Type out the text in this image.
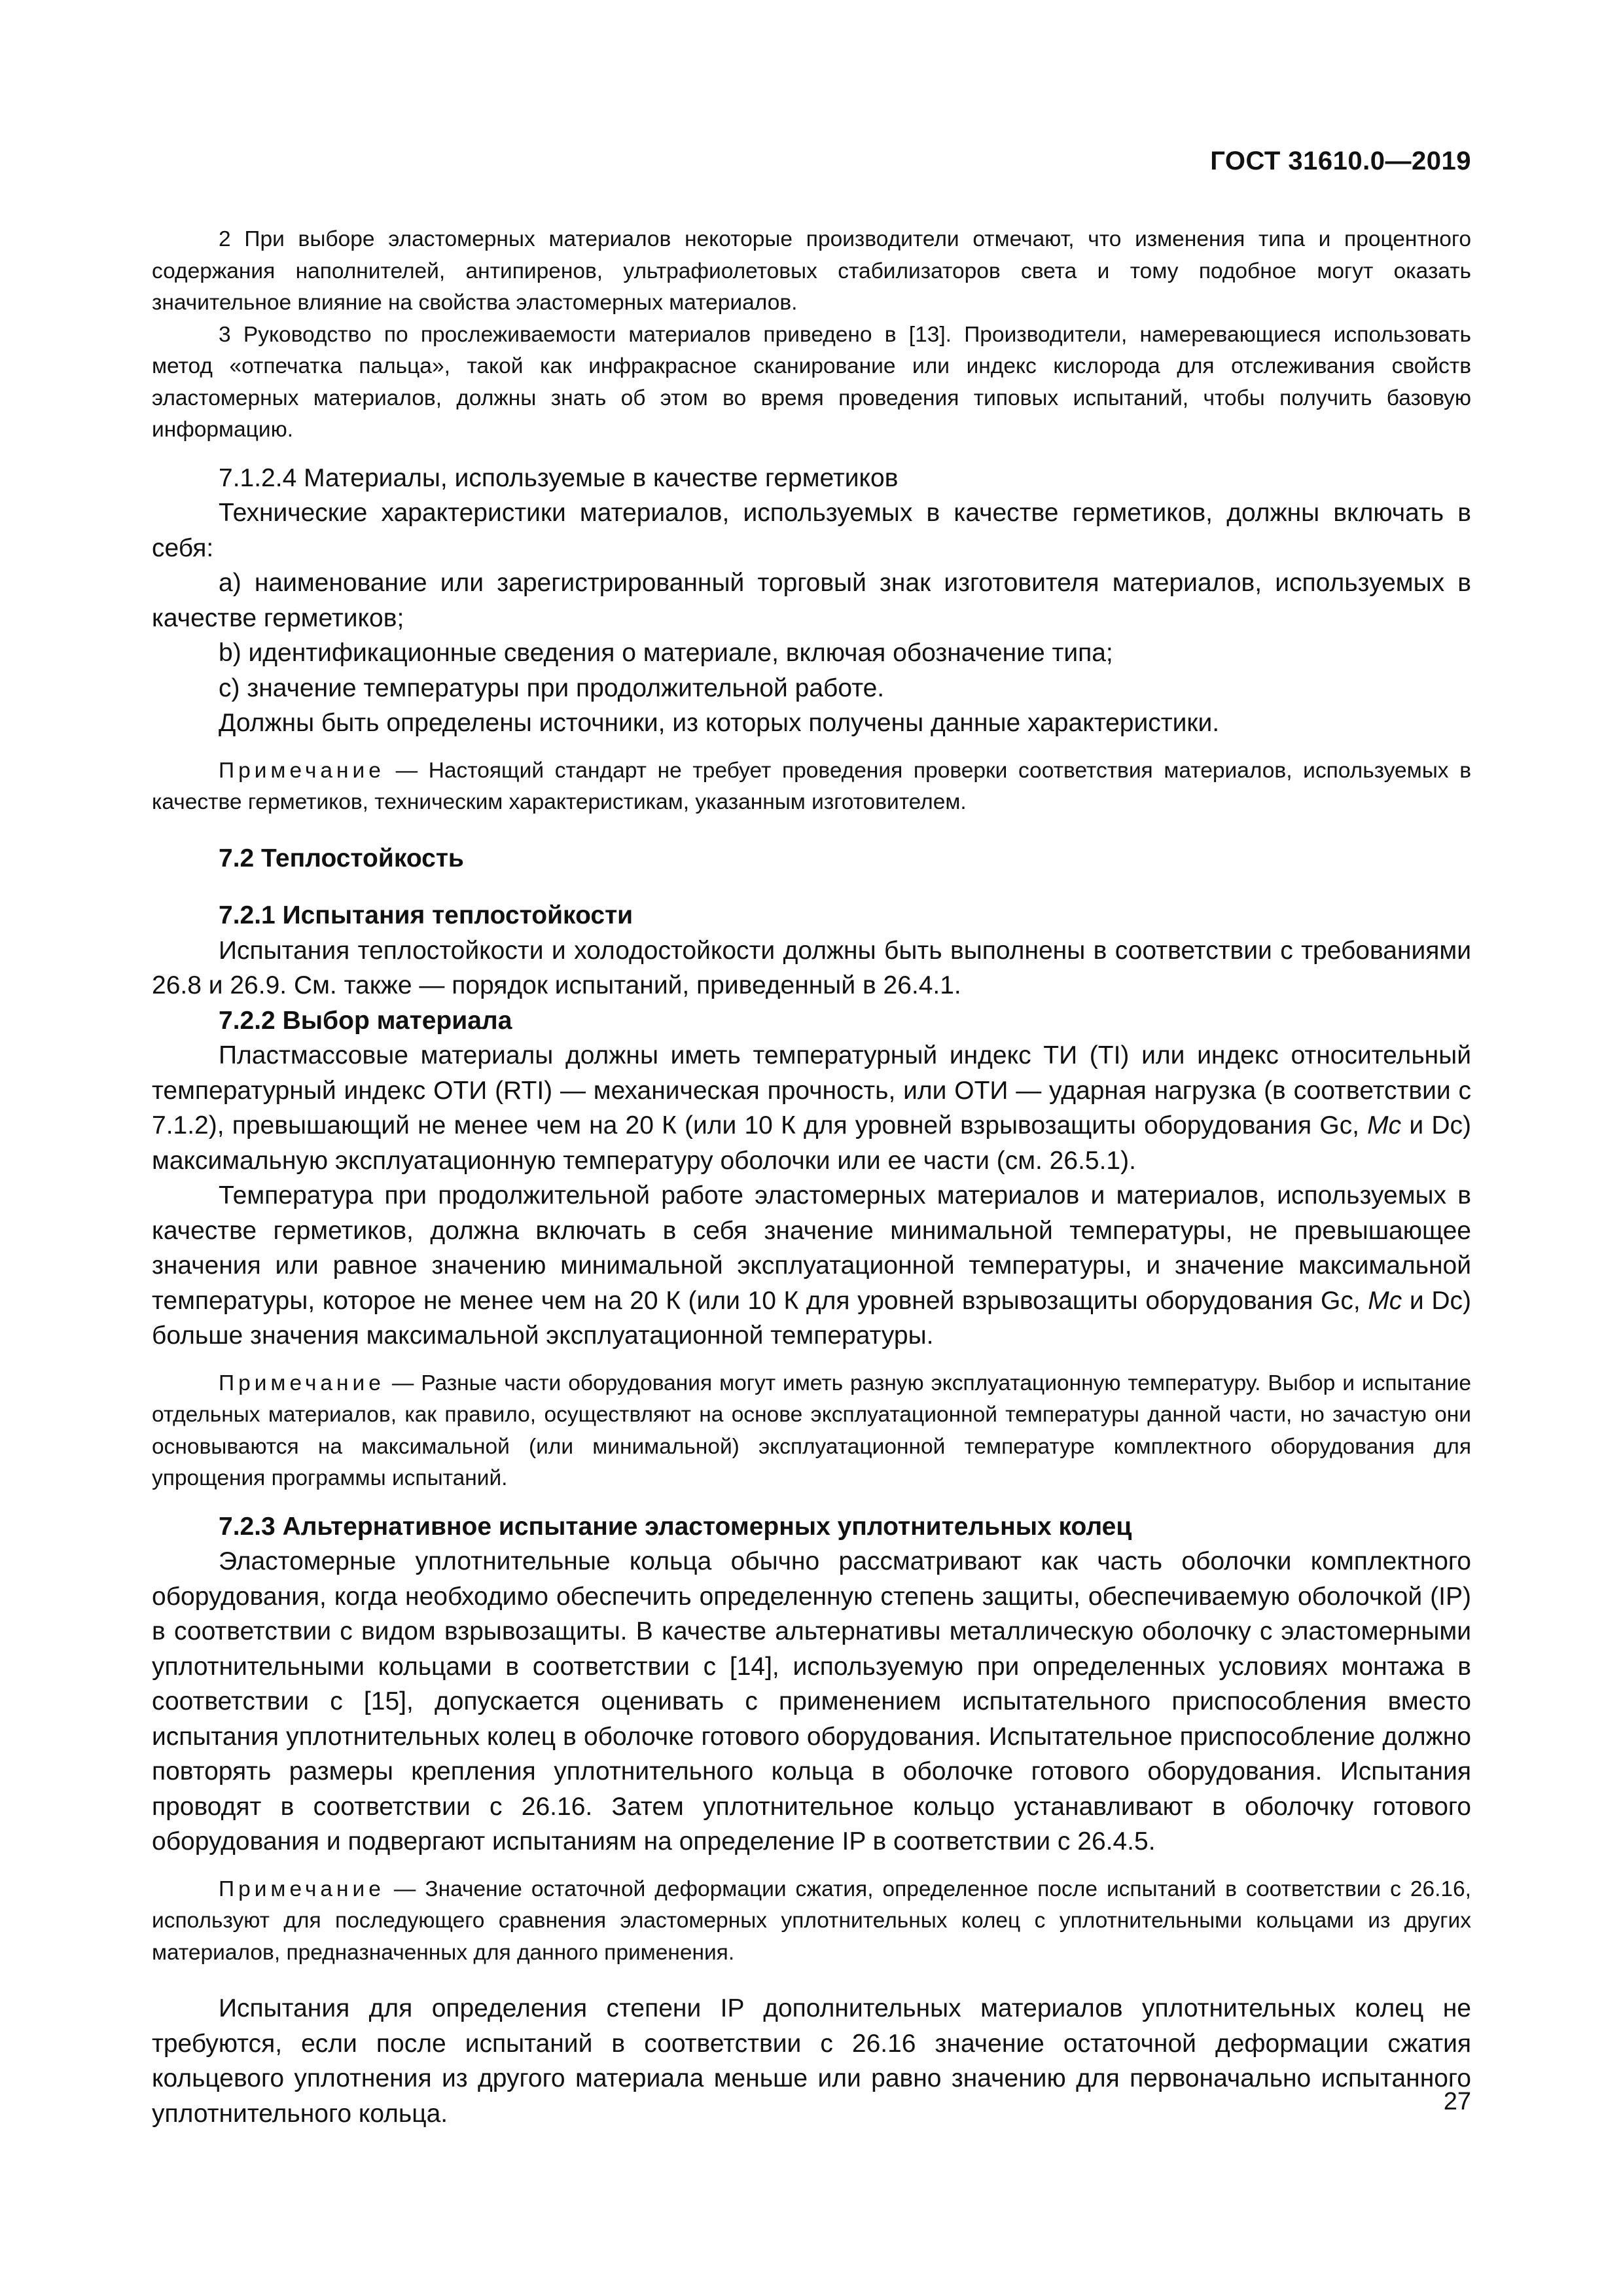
ГОСТ 31610.0—2019

2 При выборе эластомерных материалов некоторые производители отмечают, что изменения типа и процентного содержания наполнителей, антипиренов, ультрафиолетовых стабилизаторов света и тому подобное могут оказать значительное влияние на свойства эластомерных материалов.

3 Руководство по прослеживаемости материалов приведено в [13]. Производители, намеревающиеся использовать метод «отпечатка пальца», такой как инфракрасное сканирование или индекс кислорода для отслеживания свойств эластомерных материалов, должны знать об этом во время проведения типовых испытаний, чтобы получить базовую информацию.

7.1.2.4 Материалы, используемые в качестве герметиков

Технические характеристики материалов, используемых в качестве герметиков, должны включать в себя:

a) наименование или зарегистрированный торговый знак изготовителя материалов, используемых в качестве герметиков;

b) идентификационные сведения о материале, включая обозначение типа;

c) значение температуры при продолжительной работе.

Должны быть определены источники, из которых получены данные характеристики.

Примечание — Настоящий стандарт не требует проведения проверки соответствия материалов, используемых в качестве герметиков, техническим характеристикам, указанным изготовителем.

7.2 Теплостойкость

7.2.1 Испытания теплостойкости

Испытания теплостойкости и холодостойкости должны быть выполнены в соответствии с требованиями 26.8 и 26.9. См. также — порядок испытаний, приведенный в 26.4.1.

7.2.2 Выбор материала

Пластмассовые материалы должны иметь температурный индекс ТИ (TI) или индекс относительный температурный индекс ОТИ (RTI) — механическая прочность, или ОТИ — ударная нагрузка (в соответствии с 7.1.2), превышающий не менее чем на 20 К (или 10 К для уровней взрывозащиты оборудования Gc, Mc и Dc) максимальную эксплуатационную температуру оболочки или ее части (см. 26.5.1).

Температура при продолжительной работе эластомерных материалов и материалов, используемых в качестве герметиков, должна включать в себя значение минимальной температуры, не превышающее значения или равное значению минимальной эксплуатационной температуры, и значение максимальной температуры, которое не менее чем на 20 К (или 10 К для уровней взрывозащиты оборудования Gc, Mc и Dc) больше значения максимальной эксплуатационной температуры.

Примечание — Разные части оборудования могут иметь разную эксплуатационную температуру. Выбор и испытание отдельных материалов, как правило, осуществляют на основе эксплуатационной температуры данной части, но зачастую они основываются на максимальной (или минимальной) эксплуатационной температуре комплектного оборудования для упрощения программы испытаний.

7.2.3 Альтернативное испытание эластомерных уплотнительных колец

Эластомерные уплотнительные кольца обычно рассматривают как часть оболочки комплектного оборудования, когда необходимо обеспечить определенную степень защиты, обеспечиваемую оболочкой (IP) в соответствии с видом взрывозащиты. В качестве альтернативы металлическую оболочку с эластомерными уплотнительными кольцами в соответствии с [14], используемую при определенных условиях монтажа в соответствии с [15], допускается оценивать с применением испытательного приспособления вместо испытания уплотнительных колец в оболочке готового оборудования. Испытательное приспособление должно повторять размеры крепления уплотнительного кольца в оболочке готового оборудования. Испытания проводят в соответствии с 26.16. Затем уплотнительное кольцо устанавливают в оболочку готового оборудования и подвергают испытаниям на определение IP в соответствии с 26.4.5.

Примечание — Значение остаточной деформации сжатия, определенное после испытаний в соответствии с 26.16, используют для последующего сравнения эластомерных уплотнительных колец с уплотнительными кольцами из других материалов, предназначенных для данного применения.

Испытания для определения степени IP дополнительных материалов уплотнительных колец не требуются, если после испытаний в соответствии с 26.16 значение остаточной деформации сжатия кольцевого уплотнения из другого материала меньше или равно значению для первоначально испытанного уплотнительного кольца.	27
